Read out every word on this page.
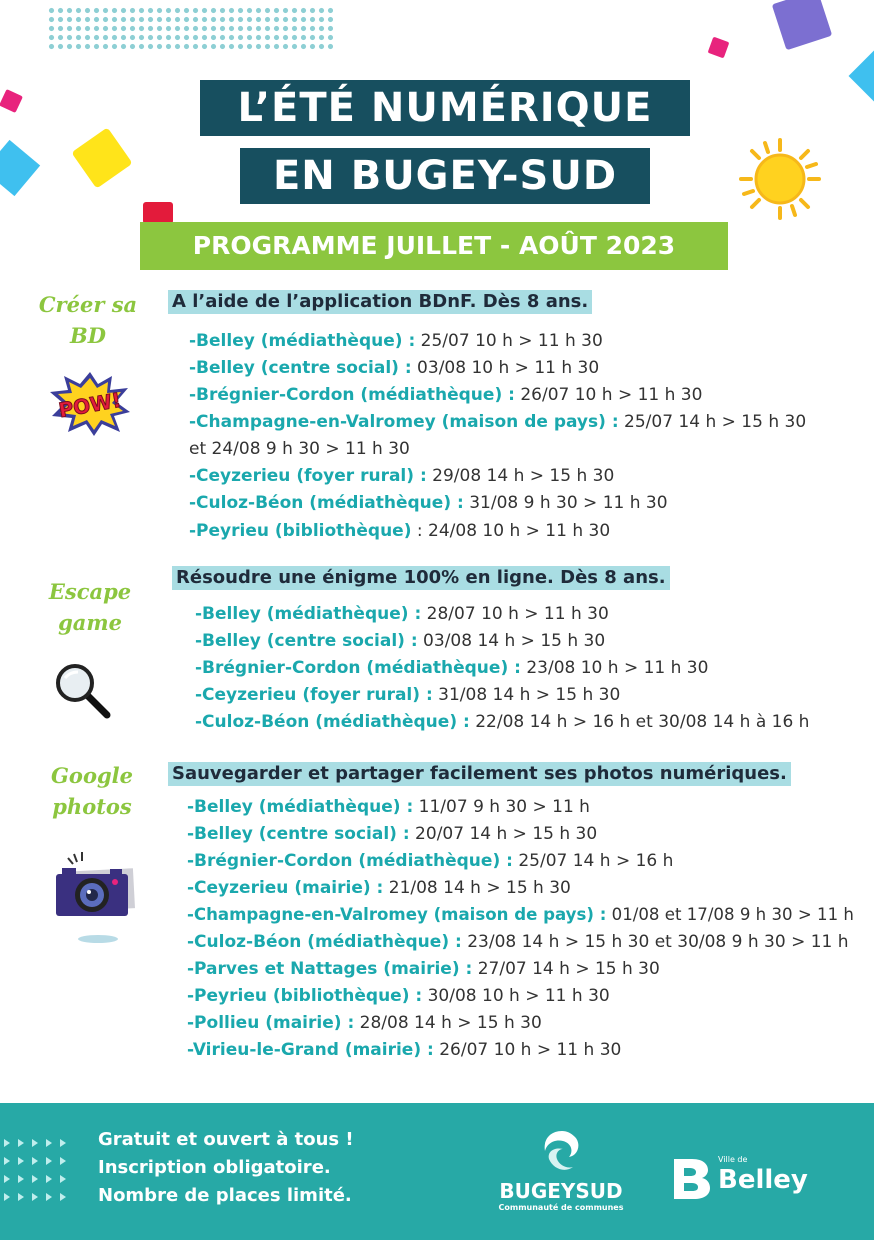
L’ÉTÉ NUMÉRIQUE
EN BUGEY-SUD
PROGRAMME JUILLET - AOÛT 2023
Créer sa
BD
POW!
A l’aide de l’application BDnF. Dès 8 ans.
-Belley (médiathèque) : 25/07 10 h > 11 h 30
-Belley (centre social) : 03/08 10 h > 11 h 30
-Brégnier-Cordon (médiathèque) : 26/07 10 h > 11 h 30
-Champagne-en-Valromey (maison de pays) : 25/07 14 h > 15 h 30
et 24/08 9 h 30 > 11 h 30
-Ceyzerieu (foyer rural) : 29/08 14 h > 15 h 30
-Culoz-Béon (médiathèque) : 31/08 9 h 30 > 11 h 30
-Peyrieu (bibliothèque) : 24/08 10 h > 11 h 30
Escape
game
Résoudre une énigme 100% en ligne. Dès 8 ans.
-Belley (médiathèque) : 28/07 10 h > 11 h 30
-Belley (centre social) : 03/08 14 h > 15 h 30
-Brégnier-Cordon (médiathèque) : 23/08 10 h > 11 h 30
-Ceyzerieu (foyer rural) : 31/08 14 h > 15 h 30
-Culoz-Béon (médiathèque) : 22/08 14 h > 16 h et 30/08 14 h à 16 h
Google
photos
Sauvegarder et partager facilement ses photos numériques.
-Belley (médiathèque) : 11/07 9 h 30 > 11 h
-Belley (centre social) : 20/07 14 h > 15 h 30
-Brégnier-Cordon (médiathèque) : 25/07 14 h > 16 h
-Ceyzerieu (mairie) : 21/08 14 h > 15 h 30
-Champagne-en-Valromey (maison de pays) : 01/08 et 17/08 9 h 30 > 11 h
-Culoz-Béon (médiathèque) : 23/08 14 h > 15 h 30 et 30/08 9 h 30 > 11 h
-Parves et Nattages (mairie) : 27/07 14 h > 15 h 30
-Peyrieu (bibliothèque) : 30/08 10 h > 11 h 30
-Pollieu (mairie) : 28/08 14 h > 15 h 30
-Virieu-le-Grand (mairie) : 26/07 10 h > 11 h 30
Gratuit et ouvert à tous !
Inscription obligatoire.
Nombre de places limité.	BUGEYSUD
Communauté de communes
Ville de
Belley
